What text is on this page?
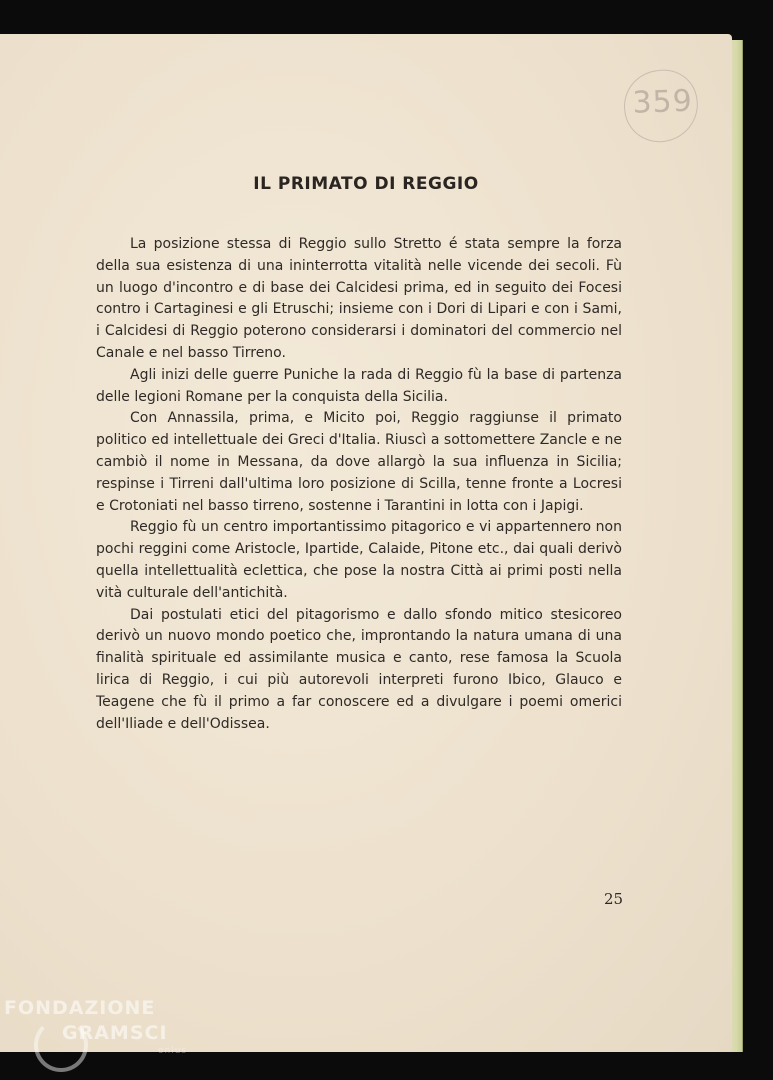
359
IL PRIMATO DI REGGIO

La posizione stessa di Reggio sullo Stretto é stata sempre la forza della sua esistenza di una ininterrotta vitalità nelle vicende dei secoli. Fù un luogo d'incontro e di base dei Calcidesi prima, ed in seguito dei Focesi contro i Cartaginesi e gli Etruschi; insieme con i Dori di Lipari e con i Sami, i Calcidesi di Reggio poterono considerarsi i dominatori del commercio nel Canale e nel basso Tirreno.

Agli inizi delle guerre Puniche la rada di Reggio fù la base di partenza delle legioni Romane per la conquista della Sicilia.

Con Annassila, prima, e Micito poi, Reggio raggiunse il primato politico ed intellettuale dei Greci d'Italia. Riuscì a sottomettere Zancle e ne cambiò il nome in Messana, da dove allargò la sua influenza in Sicilia; respinse i Tirreni dall'ultima loro posizione di Scilla, tenne fronte a Locresi e Crotoniati nel basso tirreno, sostenne i Tarantini in lotta con i Japigi.

Reggio fù un centro importantissimo pitagorico e vi appartennero non pochi reggini come Aristocle, Ipartide, Calaide, Pitone etc., dai quali derivò quella intellettualità eclettica, che pose la nostra Città ai primi posti nella vità culturale dell'antichità.

Dai postulati etici del pitagorismo e dallo sfondo mitico stesicoreo derivò un nuovo mondo poetico che, improntando la natura umana di una finalità spirituale ed assimilante musica e canto, rese famosa la Scuola lirica di Reggio, i cui più autorevoli interpreti furono Ibico, Glauco e Teagene che fù il primo a far conoscere ed a divulgare i poemi omerici dell'Iliade e dell'Odissea.

25
FONDAZIONE
GRAMSCI
onlus
